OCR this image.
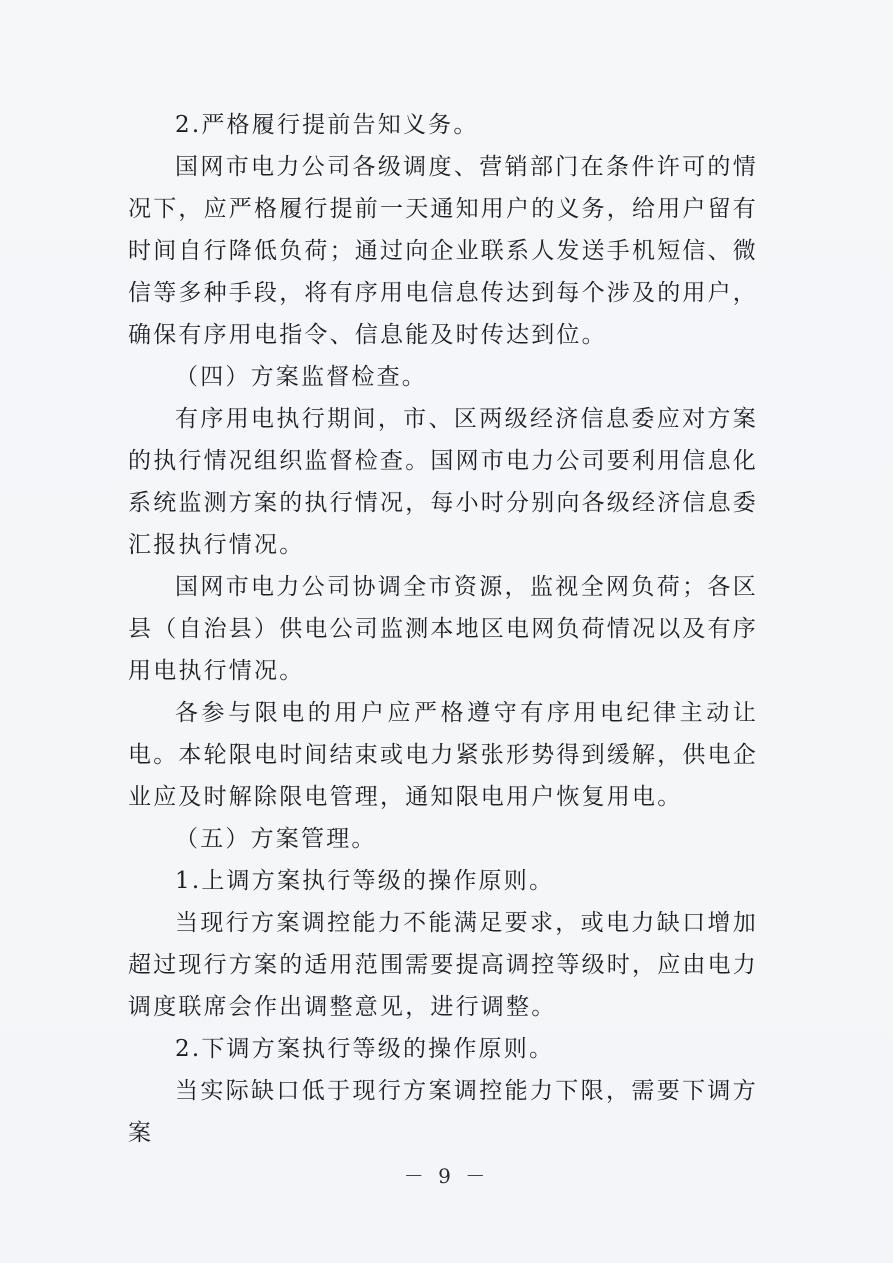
2.严格履行提前告知义务。

国网市电力公司各级调度、营销部门在条件许可的情况下，应严格履行提前一天通知用户的义务，给用户留有时间自行降低负荷；通过向企业联系人发送手机短信、微信等多种手段，将有序用电信息传达到每个涉及的用户，确保有序用电指令、信息能及时传达到位。

（四）方案监督检查。

有序用电执行期间，市、区两级经济信息委应对方案的执行情况组织监督检查。国网市电力公司要利用信息化系统监测方案的执行情况，每小时分别向各级经济信息委汇报执行情况。

国网市电力公司协调全市资源，监视全网负荷；各区县（自治县）供电公司监测本地区电网负荷情况以及有序用电执行情况。

各参与限电的用户应严格遵守有序用电纪律主动让电。本轮限电时间结束或电力紧张形势得到缓解，供电企业应及时解除限电管理，通知限电用户恢复用电。

（五）方案管理。

1.上调方案执行等级的操作原则。

当现行方案调控能力不能满足要求，或电力缺口增加超过现行方案的适用范围需要提高调控等级时，应由电力调度联席会作出调整意见，进行调整。

2.下调方案执行等级的操作原则。

当实际缺口低于现行方案调控能力下限，需要下调方案

－ 9 －
